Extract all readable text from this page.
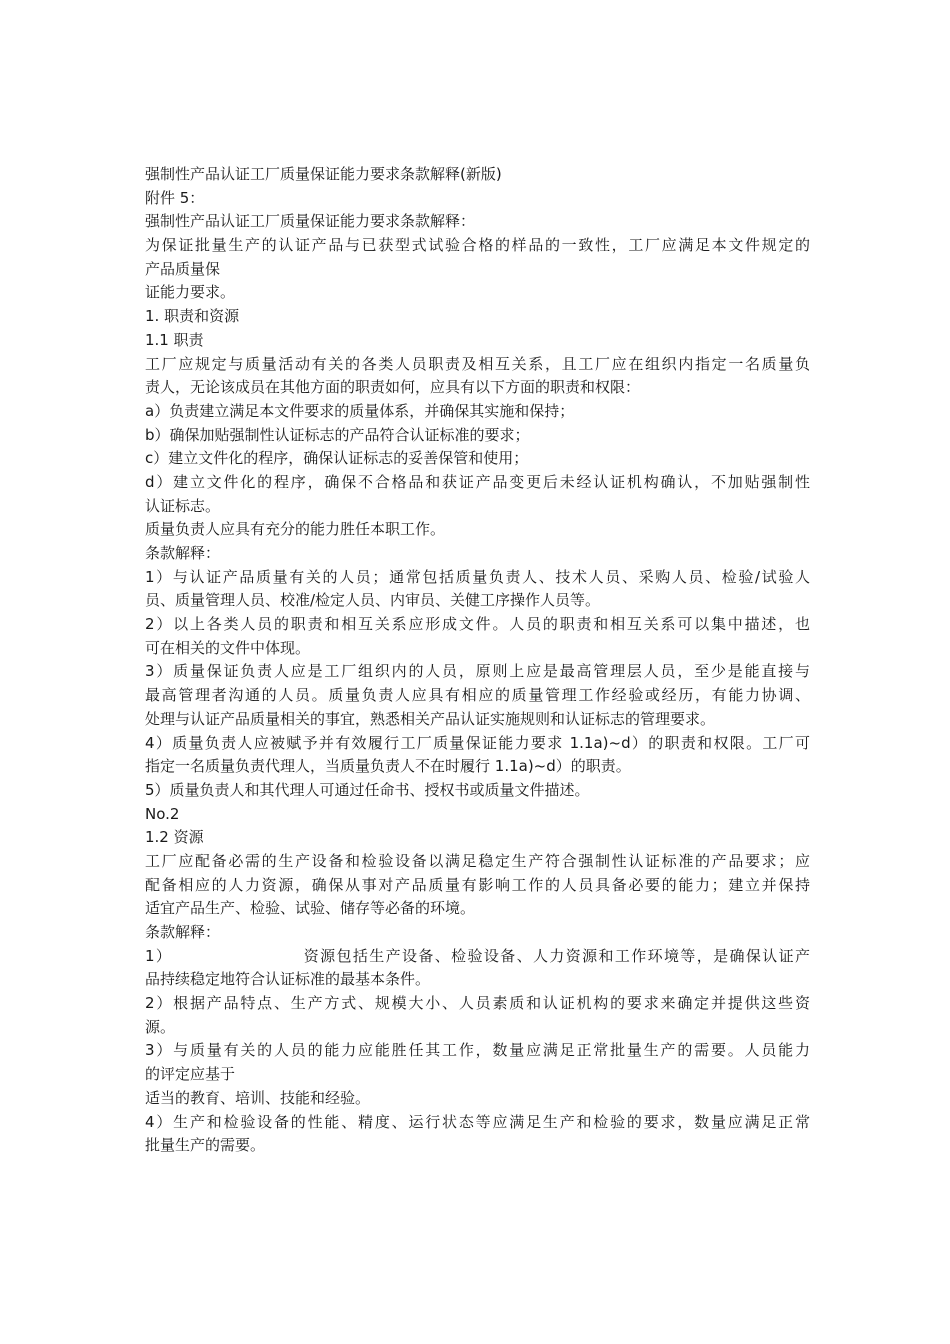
强制性产品认证工厂质量保证能力要求条款解释(新版)
附件 5：
强制性产品认证工厂质量保证能力要求条款解释：
为保证批量生产的认证产品与已获型式试验合格的样品的一致性，工厂应满足本文件规定的
产品质量保
证能力要求。
1. 职责和资源
1.1 职责
工厂应规定与质量活动有关的各类人员职责及相互关系，且工厂应在组织内指定一名质量负
责人，无论该成员在其他方面的职责如何，应具有以下方面的职责和权限：
a）负责建立满足本文件要求的质量体系，并确保其实施和保持；
b）确保加贴强制性认证标志的产品符合认证标准的要求；
c）建立文件化的程序，确保认证标志的妥善保管和使用；
d）建立文件化的程序，确保不合格品和获证产品变更后未经认证机构确认，不加贴强制性
认证标志。
质量负责人应具有充分的能力胜任本职工作。
条款解释：
1）与认证产品质量有关的人员；通常包括质量负责人、技术人员、采购人员、检验/试验人
员、质量管理人员、校准/检定人员、内审员、关健工序操作人员等。
2）以上各类人员的职责和相互关系应形成文件。人员的职责和相互关系可以集中描述，也
可在相关的文件中体现。
3）质量保证负责人应是工厂组织内的人员，原则上应是最高管理层人员，至少是能直接与
最高管理者沟通的人员。质量负责人应具有相应的质量管理工作经验或经历，有能力协调、
处理与认证产品质量相关的事宜，熟悉相关产品认证实施规则和认证标志的管理要求。
4）质量负责人应被赋予并有效履行工厂质量保证能力要求 1.1a)~d）的职责和权限。工厂可
指定一名质量负责代理人，当质量负责人不在时履行 1.1a)~d）的职责。
5）质量负责人和其代理人可通过任命书、授权书或质量文件描述。
No.2
1.2 资源
工厂应配备必需的生产设备和检验设备以满足稳定生产符合强制性认证标准的产品要求；应
配备相应的人力资源，确保从事对产品质量有影响工作的人员具备必要的能力；建立并保持
适宜产品生产、检验、试验、储存等必备的环境。
条款解释：
1）	资源包括生产设备、检验设备、人力资源和工作环境等，是确保认证产
品持续稳定地符合认证标准的最基本条件。
2）根据产品特点、生产方式、规模大小、人员素质和认证机构的要求来确定并提供这些资
源。
3）与质量有关的人员的能力应能胜任其工作，数量应满足正常批量生产的需要。人员能力
的评定应基于
适当的教育、培训、技能和经验。
4）生产和检验设备的性能、精度、运行状态等应满足生产和检验的要求，数量应满足正常
批量生产的需要。
